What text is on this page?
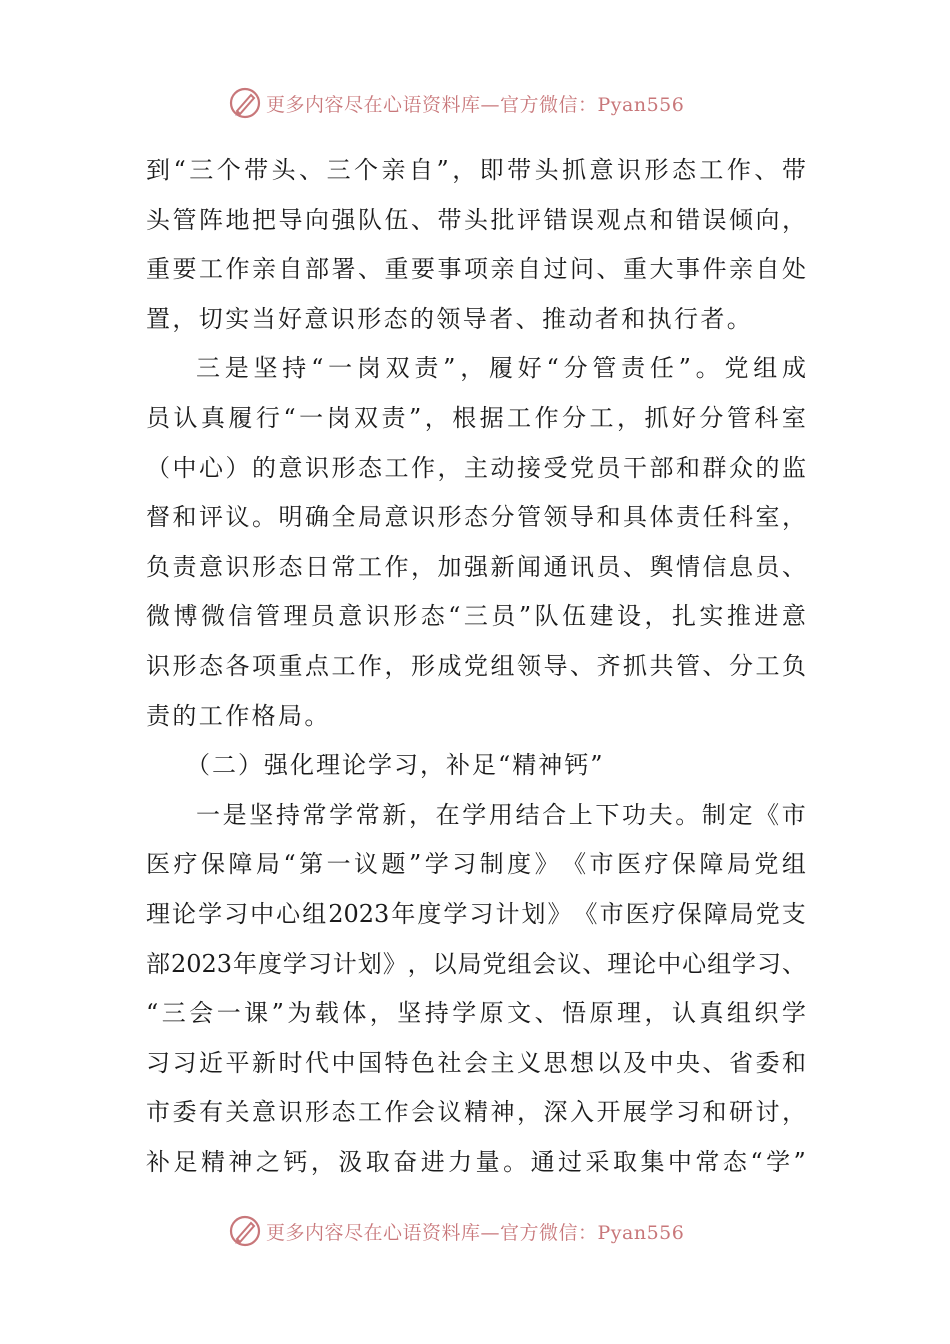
更多内容尽在心语资料库—官方微信：Pyan556
到 “ 三 个 带 头 、 三 个 亲 自 ” ， 即 带 头 抓 意 识 形 态 工 作 、 带
头 管 阵 地 把 导 向 强 队 伍 、 带 头 批 评 错 误 观 点 和 错 误 倾 向 ，
重 要 工 作 亲 自 部 署 、 重 要 事 项 亲 自 过 问 、 重 大 事 件 亲 自 处
置，切实当好意识形态的领导者、推动者和执行者。
三 是 坚 持 “ 一 岗 双 责 ” ， 履 好 “ 分 管 责 任 ” 。 党 组 成
员 认 真 履 行 “ 一 岗 双 责 ” ， 根 据 工 作 分 工 ， 抓 好 分 管 科 室
（ 中 心 ） 的 意 识 形 态 工 作 ， 主 动 接 受 党 员 干 部 和 群 众 的 监
督 和 评 议 。 明 确 全 局 意 识 形 态 分 管 领 导 和 具 体 责 任 科 室 ，
负 责 意 识 形 态 日 常 工 作 ， 加 强 新 闻 通 讯 员 、 舆 情 信 息 员 、
微 博 微 信 管 理 员 意 识 形 态 “ 三 员 ” 队 伍 建 设 ， 扎 实 推 进 意
识 形 态 各 项 重 点 工 作 ， 形 成 党 组 领 导 、 齐 抓 共 管 、 分 工 负
责的工作格局。
（二）强化理论学习，补足“精神钙”
一 是 坚 持 常 学 常 新 ， 在 学 用 结 合 上 下 功 夫 。 制 定 《 市
医 疗 保 障 局 “ 第 一 议 题 ” 学 习 制 度 》 《 市 医 疗 保 障 局 党 组
理 论 学 习 中 心 组 2023 年 度 学 习 计 划 》 《 市 医 疗 保 障 局 党 支
部 2023 年 度 学 习 计 划 》 ， 以 局 党 组 会 议 、 理 论 中 心 组 学 习 、
“ 三 会 一 课 ” 为 载 体 ， 坚 持 学 原 文 、 悟 原 理 ， 认 真 组 织 学
习 习 近 平 新 时 代 中 国 特 色 社 会 主 义 思 想 以 及 中 央 、 省 委 和
市 委 有 关 意 识 形 态 工 作 会 议 精 神 ， 深 入 开 展 学 习 和 研 讨 ，
补 足 精 神 之 钙 ， 汲 取 奋 进 力 量 。 通 过 采 取 集 中 常 态 “ 学 ”
更多内容尽在心语资料库—官方微信：Pyan556
